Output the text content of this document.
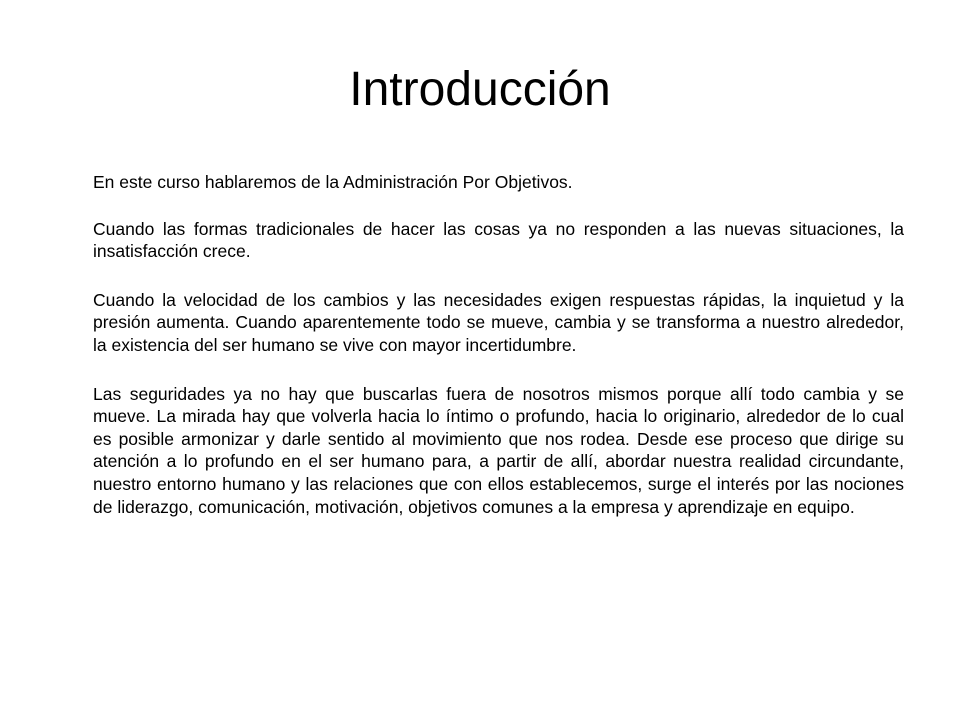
Introducción

En este curso hablaremos de la Administración Por Objetivos.

Cuando las formas tradicionales de hacer las cosas ya no responden a las nuevas situaciones, la insatisfacción crece.

Cuando la velocidad de los cambios y las necesidades exigen respuestas rápidas, la inquietud y la presión aumenta. Cuando aparentemente todo se mueve, cambia y se transforma a nuestro alrededor, la existencia del ser humano se vive con mayor incertidumbre.

Las seguridades ya no hay que buscarlas fuera de nosotros mismos porque allí todo cambia y se mueve. La mirada hay que volverla hacia lo íntimo o profundo, hacia lo originario, alrededor de lo cual es posible armonizar y darle sentido al movimiento que nos rodea. Desde ese proceso que dirige su atención a lo profundo en el ser humano para, a partir de allí, abordar nuestra realidad circundante, nuestro entorno humano y las relaciones que con ellos establecemos, surge el interés por las nociones de liderazgo, comunicación, motivación, objetivos comunes a la empresa y aprendizaje en equipo.
